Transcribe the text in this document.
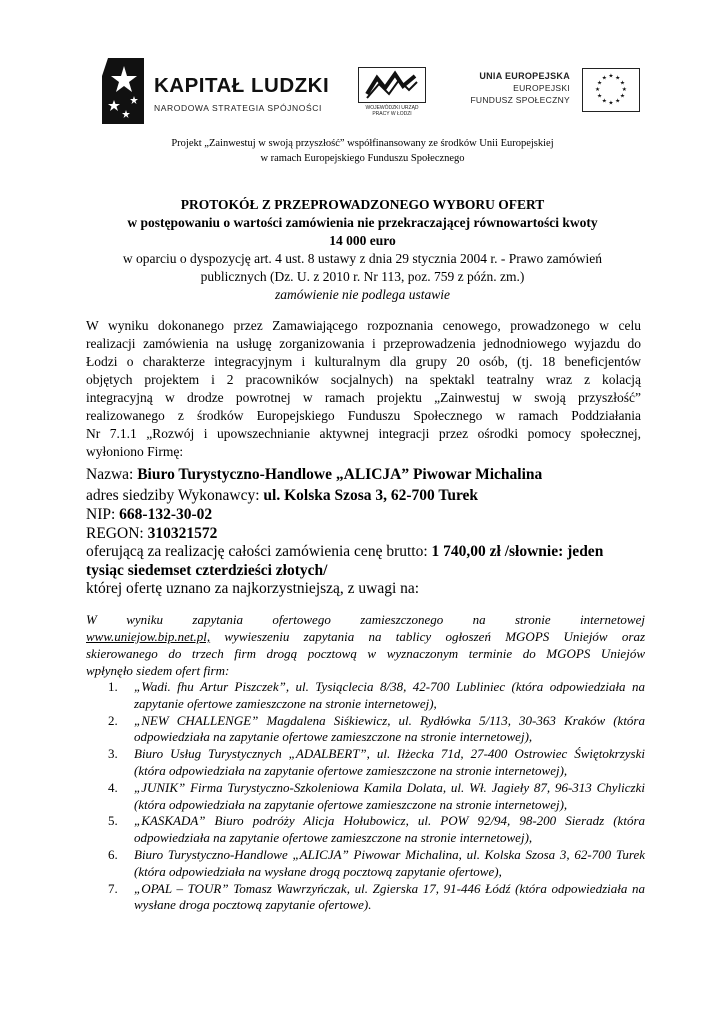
KAPITAŁ LUDZKI
NARODOWA STRATEGIA SPÓJNOŚCI	WOJEWÓDZKI URZĄD PRACY W ŁODZI
UNIA EUROPEJSKA
EUROPEJSKI
FUNDUSZ SPOŁECZNY
★ ★
★
★
★
★
★
★
★
★
★
★
Projekt „Zainwestuj w swoją przyszłość” współfinansowany ze środków Unii Europejskiej
w ramach Europejskiego Funduszu Społecznego
PROTOKÓŁ Z PRZEPROWADZONEGO WYBORU OFERT
w postępowaniu o wartości zamówienia nie przekraczającej równowartości kwoty
14 000 euro
w oparciu o dyspozycję art. 4 ust. 8 ustawy z dnia 29 stycznia 2004 r. - Prawo zamówień
publicznych (Dz. U. z 2010 r. Nr 113, poz. 759 z późn. zm.)
zamówienie nie podlega ustawie
W wyniku dokonanego przez Zamawiającego rozpoznania cenowego, prowadzonego w celu
realizacji zamówienia na usługę zorganizowania i przeprowadzenia jednodniowego wyjazdu do
Łodzi o charakterze integracyjnym i kulturalnym dla grupy 20 osób, (tj. 18 beneficjentów
objętych projektem i 2 pracowników socjalnych) na spektakl teatralny wraz z kolacją
integracyjną w drodze powrotnej w ramach projektu „Zainwestuj w swoją przyszłość”
realizowanego z środków Europejskiego Funduszu Społecznego w ramach Poddziałania
Nr 7.1.1 „Rozwój i upowszechnianie aktywnej integracji przez ośrodki pomocy społecznej,
wyłoniono Firmę:
Nazwa: Biuro Turystyczno-Handlowe „ALICJA” Piwowar Michalina
adres siedziby Wykonawcy: ul. Kolska Szosa 3, 62-700 Turek
NIP: 668-132-30-02
REGON: 310321572
oferującą za realizację całości zamówienia cenę brutto: 1 740,00 zł /słownie: jeden
tysiąc siedemset czterdzieści złotych/
której ofertę uznano za najkorzystniejszą, z uwagi na:
W wyniku zapytania ofertowego zamieszczonego na stronie internetowej
www.uniejow.bip.net.pl, wywieszeniu zapytania na tablicy ogłoszeń MGOPS Uniejów oraz
skierowanego do trzech firm drogą pocztową w wyznaczonym terminie do MGOPS Uniejów
wpłynęło siedem ofert firm:
1. „Wadi. fhu Artur Piszczek”, ul. Tysiąclecia 8/38, 42-700 Lubliniec (która odpowiedziała na zapytanie ofertowe zamieszczone na stronie internetowej),
2. „NEW CHALLENGE” Magdalena Siśkiewicz, ul. Rydłówka 5/113, 30-363 Kraków (która odpowiedziała na zapytanie ofertowe zamieszczone na stronie internetowej),
3. Biuro Usług Turystycznych „ADALBERT”, ul. Iłżecka 71d, 27-400 Ostrowiec Świętokrzyski (która odpowiedziała na zapytanie ofertowe zamieszczone na stronie internetowej),
4. „JUNIK” Firma Turystyczno-Szkoleniowa Kamila Dolata, ul. Wł. Jagieły 87, 96-313 Chyliczki (która odpowiedziała na zapytanie ofertowe zamieszczone na stronie internetowej),
5. „KASKADA” Biuro podróży Alicja Hołubowicz, ul. POW 92/94, 98-200 Sieradz (która odpowiedziała na zapytanie ofertowe zamieszczone na stronie internetowej),
6. Biuro Turystyczno-Handlowe „ALICJA” Piwowar Michalina, ul. Kolska Szosa 3, 62-700 Turek (która odpowiedziała na wysłane drogą pocztową zapytanie ofertowe),
7. „OPAL – TOUR” Tomasz Wawrzyńczak, ul. Zgierska 17, 91-446 Łódź (która odpowiedziała na wysłane droga pocztową zapytanie ofertowe).
